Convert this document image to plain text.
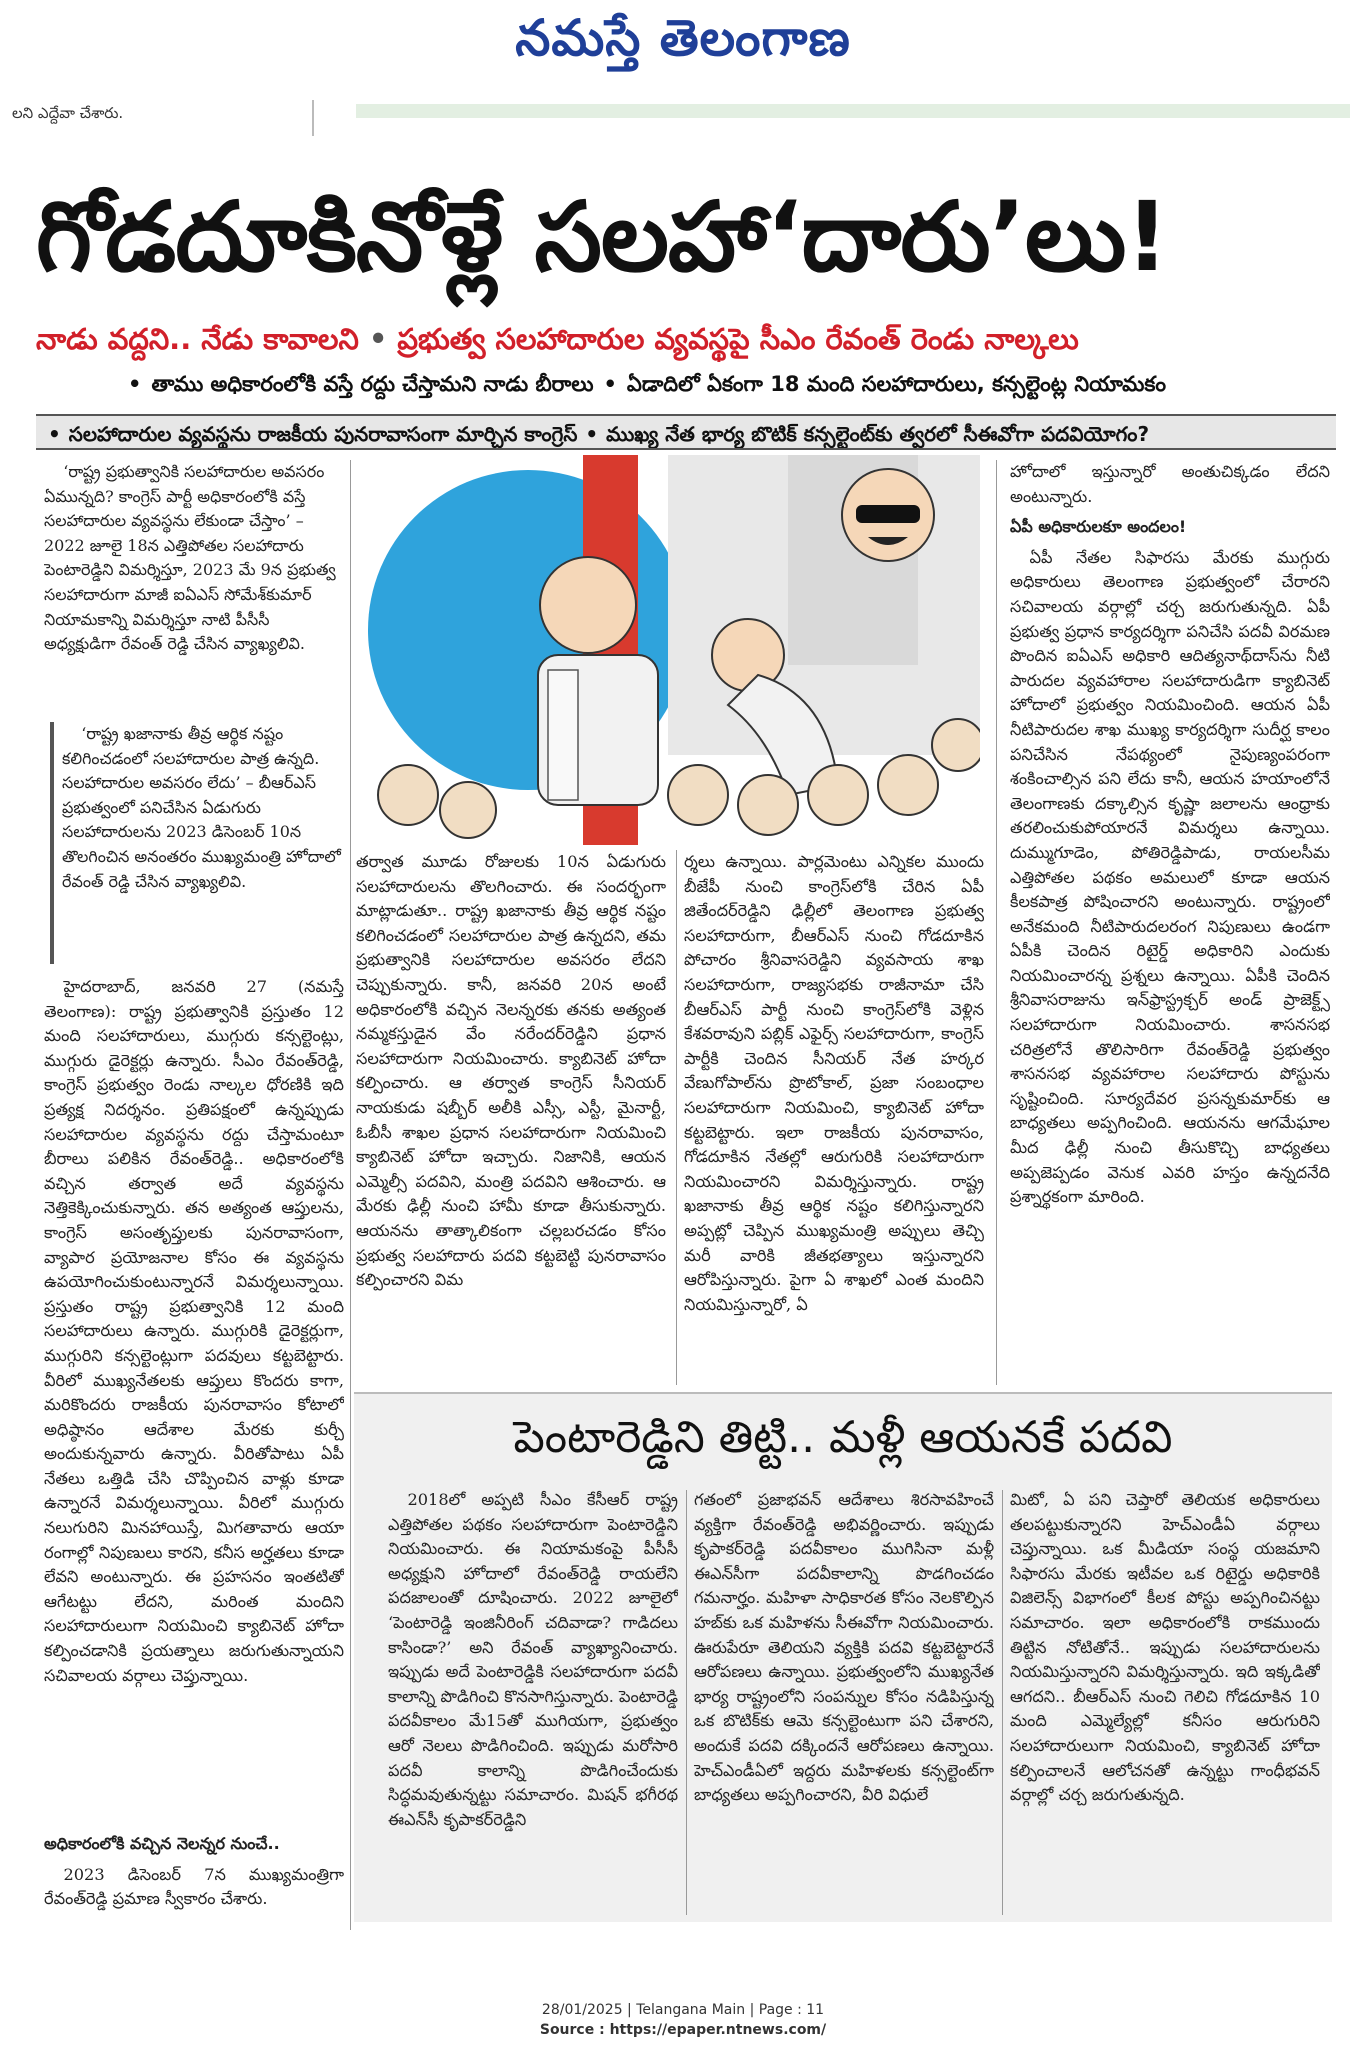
నమస్తే తెలంగాణ
లని ఎద్దేవా చేశారు.
గోడదూకినోళ్లే సలహా‘దారు’లు!
నాడు వద్దని.. నేడు కావాలని • ప్రభుత్వ సలహాదారుల వ్యవస్థపై సీఎం రేవంత్ రెండు నాల్కలు
• తాము అధికారంలోకి వస్తే రద్దు చేస్తామని నాడు బీరాలు • ఏడాదిలో ఏకంగా 18 మంది సలహాదారులు, కన్సల్టెంట్ల నియామకం
• సలహాదారుల వ్యవస్థను రాజకీయ పునరావాసంగా మార్చిన కాంగ్రెస్ • ముఖ్య నేత భార్య బొటిక్ కన్సల్టెంట్‌కు త్వరలో సీఈవోగా పదవియోగం?

‘రాష్ట్ర ప్రభుత్వానికి సలహాదారుల అవసరం ఏమున్నది? కాంగ్రెస్ పార్టీ అధికారంలోకి వస్తే సలహాదారుల వ్యవస్థను లేకుండా చేస్తాం’ – 2022 జూలై 18న ఎత్తిపోతల సలహాదారు పెంటారెడ్డిని విమర్శిస్తూ, 2023 మే 9న ప్రభుత్వ సలహాదారుగా మాజీ ఐఏఎస్ సోమేశ్‌కుమార్ నియామకాన్ని విమర్శిస్తూ నాటి పీసీసీ అధ్యక్షుడిగా రేవంత్ రెడ్డి చేసిన వ్యాఖ్యలివి.

‘రాష్ట్ర ఖజానాకు తీవ్ర ఆర్థిక నష్టం కలిగించడంలో సలహాదారుల పాత్ర ఉన్నది. సలహాదారుల అవసరం లేదు’ – బీఆర్‌ఎస్ ప్రభుత్వంలో పనిచేసిన ఏడుగురు సలహాదారులను 2023 డిసెంబర్ 10న తొలగించిన అనంతరం ముఖ్యమంత్రి హోదాలో రేవంత్ రెడ్డి చేసిన వ్యాఖ్యలివి.

హైదరాబాద్, జనవరి 27 (నమస్తే తెలంగాణ): రాష్ట్ర ప్రభుత్వానికి ప్రస్తుతం 12 మంది సలహాదారులు, ముగ్గురు కన్సల్టెంట్లు, ముగ్గురు డైరెక్టర్లు ఉన్నారు. సీఎం రేవంత్‌రెడ్డి, కాంగ్రెస్ ప్రభుత్వం రెండు నాల్కల ధోరణికి ఇది ప్రత్యక్ష నిదర్శనం. ప్రతిపక్షంలో ఉన్నప్పుడు సలహాదారుల వ్యవస్థను రద్దు చేస్తామంటూ బీరాలు పలికిన రేవంత్‌రెడ్డి.. అధికారంలోకి వచ్చిన తర్వాత అదే వ్యవస్థను నెత్తికెక్కించుకున్నారు. తన అత్యంత ఆప్తులను, కాంగ్రెస్ అసంతృప్తులకు పునరావాసంగా, వ్యాపార ప్రయోజనాల కోసం ఈ వ్యవస్థను ఉపయోగించుకుంటున్నారనే విమర్శలున్నాయి. ప్రస్తుతం రాష్ట్ర ప్రభుత్వానికి 12 మంది సలహాదారులు ఉన్నారు. ముగ్గురికి డైరెక్టర్లుగా, ముగ్గురిని కన్సల్టెంట్లుగా పదవులు కట్టబెట్టారు. వీరిలో ముఖ్యనేతలకు ఆప్తులు కొందరు కాగా, మరికొందరు రాజకీయ పునరావాసం కోటాలో అధిష్ఠానం ఆదేశాల మేరకు కుర్చీ అందుకున్నవారు ఉన్నారు. వీరితోపాటు ఏపీ నేతలు ఒత్తిడి చేసి చొప్పించిన వాళ్లు కూడా ఉన్నారనే విమర్శలున్నాయి. వీరిలో ముగ్గురు నలుగురిని మినహాయిస్తే, మిగతావారు ఆయా రంగాల్లో నిపుణులు కారని, కనీస అర్హతలు కూడా లేవని అంటున్నారు. ఈ ప్రహసనం ఇంతటితో ఆగేటట్టు లేదని, మరింత మందిని సలహాదారులుగా నియమించి క్యాబినెట్ హోదా కల్పించడానికి ప్రయత్నాలు జరుగుతున్నాయని సచివాలయ వర్గాలు చెప్తున్నాయి.

అధికారంలోకి వచ్చిన నెలన్నర నుంచే..

2023 డిసెంబర్ 7న ముఖ్యమంత్రిగా రేవంత్‌రెడ్డి ప్రమాణ స్వీకారం చేశారు.

తర్వాత మూడు రోజులకు 10న ఏడుగురు సలహాదారులను తొలగించారు. ఈ సందర్భంగా మాట్లాడుతూ.. రాష్ట్ర ఖజానాకు తీవ్ర ఆర్థిక నష్టం కలిగించడంలో సలహాదారుల పాత్ర ఉన్నదని, తమ ప్రభుత్వానికి సలహాదారుల అవసరం లేదని చెప్పుకున్నారు. కానీ, జనవరి 20న అంటే అధికారంలోకి వచ్చిన నెలన్నరకు తనకు అత్యంత నమ్మకస్తుడైన వేం నరేందర్‌రెడ్డిని ప్రధాన సలహాదారుగా నియమించారు. క్యాబినెట్ హోదా కల్పించారు. ఆ తర్వాత కాంగ్రెస్ సీనియర్ నాయకుడు షబ్బీర్ అలీకి ఎస్సీ, ఎస్టీ, మైనార్టీ, ఓబీసీ శాఖల ప్రధాన సలహాదారుగా నియమించి క్యాబినెట్ హోదా ఇచ్చారు. నిజానికి, ఆయన ఎమ్మెల్సీ పదవిని, మంత్రి పదవిని ఆశించారు. ఆ మేరకు ఢిల్లీ నుంచి హామీ కూడా తీసుకున్నారు. ఆయనను తాత్కాలికంగా చల్లబరచడం కోసం ప్రభుత్వ సలహాదారు పదవి కట్టబెట్టి పునరావాసం కల్పించారని విమ

ర్శలు ఉన్నాయి. పార్లమెంటు ఎన్నికల ముందు బీజేపీ నుంచి కాంగ్రెస్‌లోకి చేరిన ఏపీ జితేందర్‌రెడ్డిని ఢిల్లీలో తెలంగాణ ప్రభుత్వ సలహాదారుగా, బీఆర్‌ఎస్ నుంచి గోడదూకిన పోచారం శ్రీనివాసరెడ్డిని వ్యవసాయ శాఖ సలహాదారుగా, రాజ్యసభకు రాజీనామా చేసి బీఆర్‌ఎస్ పార్టీ నుంచి కాంగ్రెస్‌లోకి వెళ్లిన కేశవరావుని పబ్లిక్ ఎఫైర్స్ సలహాదారుగా, కాంగ్రెస్ పార్టీకి చెందిన సీనియర్ నేత హర్కర వేణుగోపాల్‌ను ప్రొటోకాల్, ప్రజా సంబంధాల సలహాదారుగా నియమించి, క్యాబినెట్ హోదా కట్టబెట్టారు. ఇలా రాజకీయ పునరావాసం, గోడదూకిన నేతల్లో ఆరుగురికి సలహాదారుగా నియమించారని విమర్శిస్తున్నారు. రాష్ట్ర ఖజానాకు తీవ్ర ఆర్థిక నష్టం కలిగిస్తున్నారని అప్పట్లో చెప్పిన ముఖ్యమంత్రి అప్పులు తెచ్చి మరీ వారికి జీతభత్యాలు ఇస్తున్నారని ఆరోపిస్తున్నారు. పైగా ఏ శాఖలో ఎంత మందిని నియమిస్తున్నారో, ఏ

హోదాలో ఇస్తున్నారో అంతుచిక్కడం లేదని అంటున్నారు.

ఏపీ అధికారులకూ అందలం!

ఏపీ నేతల సిఫారసు మేరకు ముగ్గురు అధికారులు తెలంగాణ ప్రభుత్వంలో చేరారని సచివాలయ వర్గాల్లో చర్చ జరుగుతున్నది. ఏపీ ప్రభుత్వ ప్రధాన కార్యదర్శిగా పనిచేసి పదవీ విరమణ పొందిన ఐఏఎస్ అధికారి ఆదిత్యనాథ్‌దాస్‌ను నీటి పారుదల వ్యవహారాల సలహాదారుడిగా క్యాబినెట్ హోదాలో ప్రభుత్వం నియమించింది. ఆయన ఏపీ నీటిపారుదల శాఖ ముఖ్య కార్యదర్శిగా సుదీర్ఘ కాలం పనిచేసిన నేపథ్యంలో నైపుణ్యంపరంగా శంకించాల్సిన పని లేదు కానీ, ఆయన హయాంలోనే తెలంగాణకు దక్కాల్సిన కృష్ణా జలాలను ఆంధ్రాకు తరలించుకుపోయారనే విమర్శలు ఉన్నాయి. దుమ్ముగూడెం, పోతిరెడ్డిపాడు, రాయలసీమ ఎత్తిపోతల పథకం అమలులో కూడా ఆయన కీలకపాత్ర పోషించారని అంటున్నారు. రాష్ట్రంలో అనేకమంది నీటిపారుదలరంగ నిపుణులు ఉండగా ఏపీకి చెందిన రిటైర్డ్ అధికారిని ఎందుకు నియమించారన్న ప్రశ్నలు ఉన్నాయి. ఏపీకి చెందిన శ్రీనివాసరాజును ఇన్‌ఫ్రాస్ట్రక్చర్ అండ్ ప్రాజెక్ట్స్ సలహాదారుగా నియమించారు. శాసనసభ చరిత్రలోనే తొలిసారిగా రేవంత్‌రెడ్డి ప్రభుత్వం శాసనసభ వ్యవహారాల సలహాదారు పోస్టును సృష్టించింది. సూర్యదేవర ప్రసన్నకుమార్‌కు ఆ బాధ్యతలు అప్పగించింది. ఆయనను ఆగమేఘాల మీద ఢిల్లీ నుంచి తీసుకొచ్చి బాధ్యతలు అప్పజెప్పడం వెనుక ఎవరి హస్తం ఉన్నదనేది ప్రశ్నార్థకంగా మారింది.

పెంటారెడ్డిని తిట్టి.. మళ్లీ ఆయనకే పదవి

2018లో అప్పటి సీఎం కేసీఆర్ రాష్ట్ర ఎత్తిపోతల పథకం సలహాదారుగా పెంటారెడ్డిని నియమించారు. ఈ నియామకంపై పీసీసీ అధ్యక్షుని హోదాలో రేవంత్‌రెడ్డి రాయలేని పదజాలంతో దూషించారు. 2022 జూలైలో ‘పెంటారెడ్డి ఇంజినీరింగ్ చదివాడా? గాడిదలు కాసిండా?’ అని రేవంత్ వ్యాఖ్యానించారు. ఇప్పుడు అదే పెంటారెడ్డికి సలహాదారుగా పదవీ కాలాన్ని పొడిగించి కొనసాగిస్తున్నారు. పెంటారెడ్డి పదవీకాలం మే15తో ముగియగా, ప్రభుత్వం ఆరో నెలలు పొడిగించింది. ఇప్పుడు మరోసారి పదవీ కాలాన్ని పొడిగించేందుకు సిద్ధమవుతున్నట్టు సమాచారం. మిషన్ భగీరథ ఈఎన్‌సీ కృపాకర్‌రెడ్డిని

గతంలో ప్రజాభవన్ ఆదేశాలు శిరసావహించే వ్యక్తిగా రేవంత్‌రెడ్డి అభివర్ణించారు. ఇప్పుడు కృపాకర్‌రెడ్డి పదవీకాలం ముగిసినా మళ్లీ ఈఎన్‌సీగా పదవీకాలాన్ని పొడగించడం గమనార్హం. మహిళా సాధికారత కోసం నెలకొల్పిన హబ్‌కు ఒక మహిళను సీఈవోగా నియమించారు. ఊరుపేరూ తెలియని వ్యక్తికి పదవి కట్టబెట్టారనే ఆరోపణలు ఉన్నాయి. ప్రభుత్వంలోని ముఖ్యనేత భార్య రాష్ట్రంలోని సంపన్నుల కోసం నడిపిస్తున్న ఒక బొటిక్‌కు ఆమె కన్సల్టెంటుగా పని చేశారని, అందుకే పదవి దక్కిందనే ఆరోపణలు ఉన్నాయి. హెచ్‌ఎండీఏలో ఇద్దరు మహిళలకు కన్సల్టెంట్‌గా బాధ్యతలు అప్పగించారని, వీరి విధులే

మిటో, ఏ పని చెప్తారో తెలియక అధికారులు తలపట్టుకున్నారని హెచ్‌ఎండీఏ వర్గాలు చెప్తున్నాయి. ఒక మీడియా సంస్థ యజమాని సిఫారసు మేరకు ఇటీవల ఒక రిటైర్డు అధికారికి విజిలెన్స్ విభాగంలో కీలక పోస్టు అప్పగించినట్టు సమాచారం. ఇలా అధికారంలోకి రాకముందు తిట్టిన నోటితోనే.. ఇప్పుడు సలహాదారులను నియమిస్తున్నారని విమర్శిస్తున్నారు. ఇది ఇక్కడితో ఆగదని.. బీఆర్‌ఎస్ నుంచి గెలిచి గోడదూకిన 10 మంది ఎమ్మెల్యేల్లో కనీసం ఆరుగురిని సలహాదారులుగా నియమించి, క్యాబినెట్ హోదా కల్పించాలనే ఆలోచనతో ఉన్నట్టు గాంధీభవన్ వర్గాల్లో చర్చ జరుగుతున్నది.

28/01/2025 | Telangana Main | Page : 11
Source : https://epaper.ntnews.com/
